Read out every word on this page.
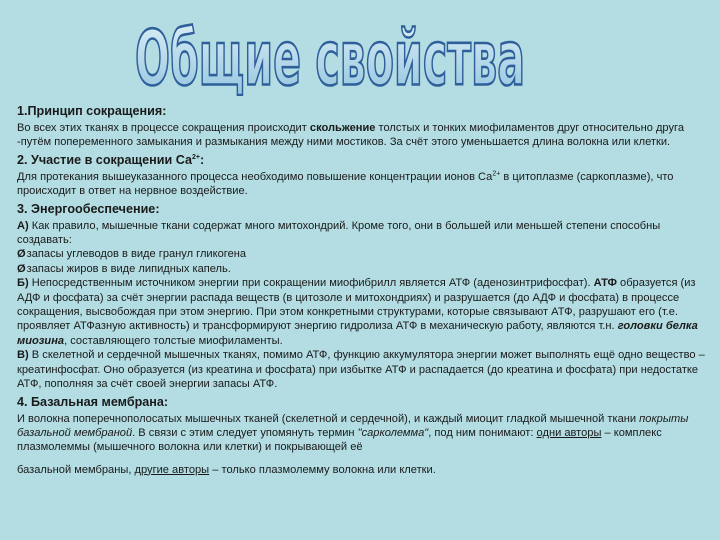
Общие свойства
1.Принцип сокращения:

Во всех этих тканях в процессе сокращения происходит скольжение толстых и тонких миофиламентов друг относительно друга -путём попеременного замыкания и размыкания между ними мостиков. За счёт этого уменьшается длина волокна или клетки.

2. Участие в сокращении $Са^{2+}$:

Для протекания вышеуказанного процесса необходимо повышение концентрации ионов $Са^{2+}$ в цитоплазме (саркоплазме), что происходит в ответ на нервное воздействие.

3. Энергообеспечение:

А) Как правило, мышечные ткани содержат много митохондрий. Кроме того, они в большей или меньшей степени способны создавать:

Øзапасы углеводов в виде гранул гликогена
Øзапасы жиров в виде липидных капель.

Б) Непосредственным источником энергии при сокращении миофибрилл является АТФ (аденозинтрифосфат). АТФ образуется (из АДФ и фосфата) за счёт энергии распада веществ (в цитозоле и митохондриях) и разрушается (до АДФ и фосфата) в процессе сокращения, высвобождая при этом энергию. При этом конкретными структурами, которые связывают АТФ, разрушают его (т.е. проявляет АТФазную активность) и трансформируют энергию гидролиза АТФ в механическую работу, являются т.н. головки белка миозина, составляющего толстые миофиламенты.

В) В скелетной и сердечной мышечных тканях, помимо АТФ, функцию аккумулятора энергии может выполнять ещё одно вещество – креатинфосфат. Оно образуется (из креатина и фосфата) при избытке АТФ и распадается (до креатина и фосфата) при недостатке АТФ, пополняя за счёт своей энергии запасы АТФ.

4. Базальная мембрана:

И волокна поперечнополосатых мышечных тканей (скелетной и сердечной), и каждый миоцит гладкой мышечной ткани покрыты базальной мембраной. В связи с этим следует упомянуть термин "сарколемма", под ним понимают: одни авторы – комплекс плазмолеммы (мышечного волокна или клетки) и покрывающей её

базальной мембраны, другие авторы – только плазмолемму волокна или клетки.
